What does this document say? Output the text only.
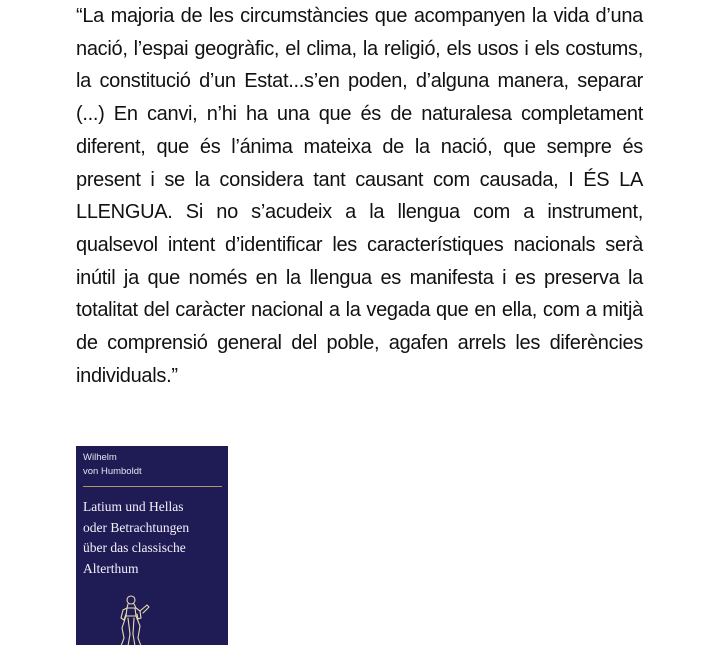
“La majoria de les circumstàncies que acompanyen la vida d’una nació, l’espai geogràfic, el clima, la religió, els usos i els costums, la constitució d’un Estat...s’en poden, d’alguna manera, separar (...) En canvi, n’hi ha una que és de naturalesa completament diferent, que és l’ánima mateixa de la nació, que sempre és present i se la considera tant causant com causada, I ÉS LA LLENGUA. Si no s’acudeix a la llengua com a instrument, qualsevol intent d’identificar les característiques nacionals serà inútil ja que només en la llengua es manifesta i es preserva la totalitat del caràcter nacional a la vegada que en ella, com a mitjà de comprensió general del poble, agafen arrels les diferències individuals.”

Wilhelm
von Humboldt

Latium und Hellas
oder Betrachtungen
über das classische
Alterthum
